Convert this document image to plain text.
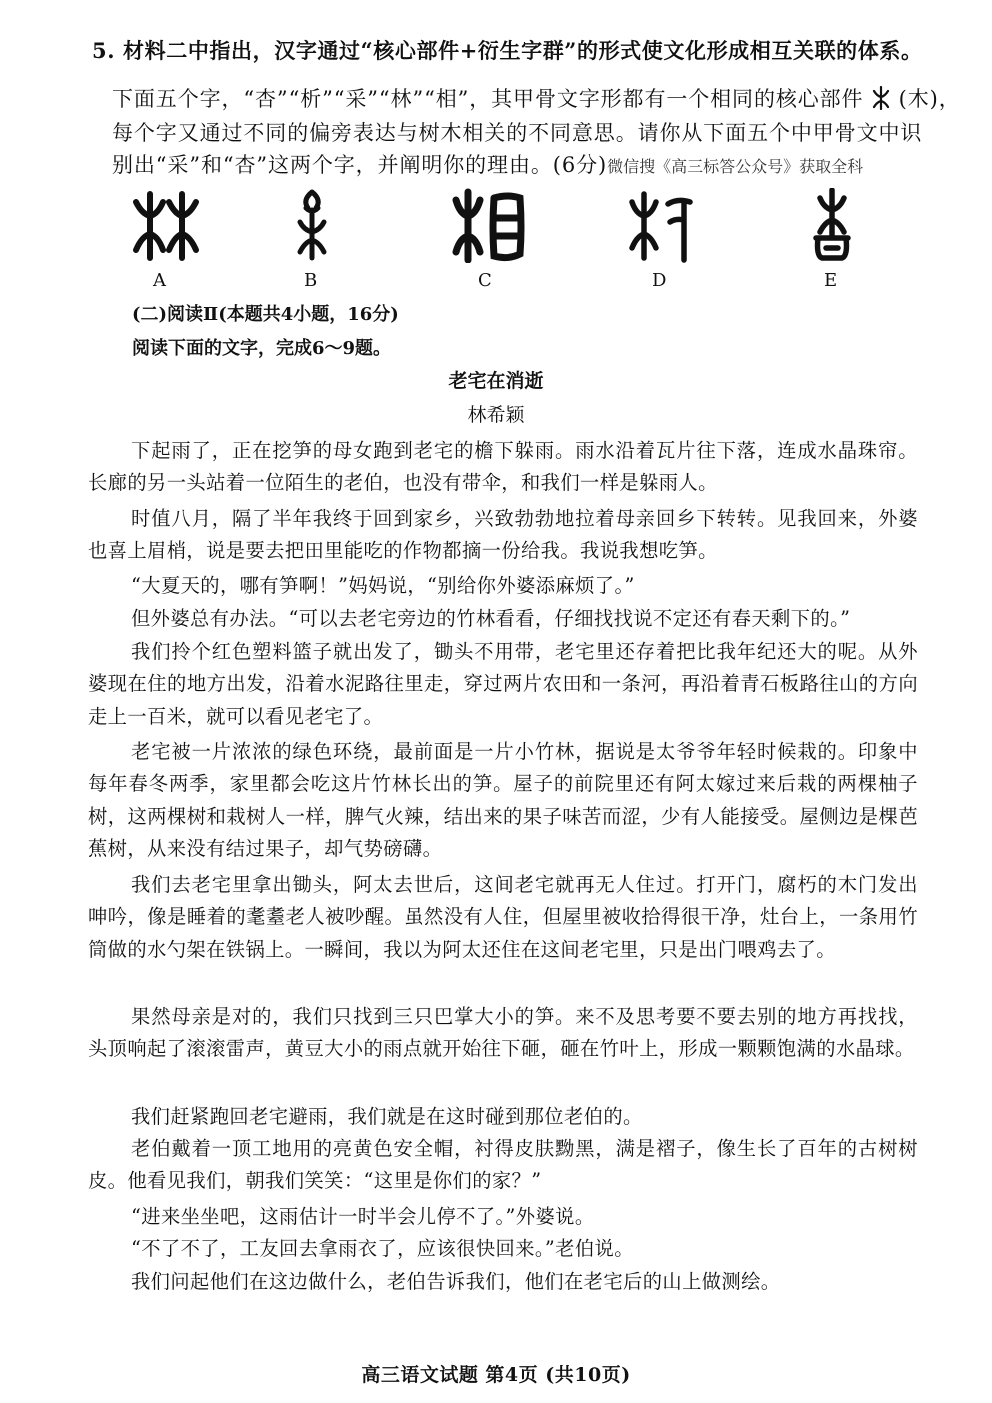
5. 材料二中指出，汉字通过“核心部件+衍生字群”的形式使文化形成相互关联的体系。
下面五个字，“杏”“析”“采”“林”“相”，其甲骨文字形都有一个相同的核心部件 (木)，
每个字又通过不同的偏旁表达与树木相关的不同意思。请你从下面五个中甲骨文中识
别出“采”和“杏”这两个字，并阐明你的理由。(6分)微信搜《高三标答公众号》获取全科
A	B	C	D	E
(二)阅读Ⅱ(本题共4小题，16分)
阅读下面的文字，完成6～9题。
老宅在消逝
林希颖
下起雨了，正在挖笋的母女跑到老宅的檐下躲雨。雨水沿着瓦片往下落，连成水晶珠帘。长廊的另一头站着一位陌生的老伯，也没有带伞，和我们一样是躲雨人。
时值八月，隔了半年我终于回到家乡，兴致勃勃地拉着母亲回乡下转转。见我回来，外婆也喜上眉梢，说是要去把田里能吃的作物都摘一份给我。我说我想吃笋。
“大夏天的，哪有笋啊！”妈妈说，“别给你外婆添麻烦了。”
但外婆总有办法。“可以去老宅旁边的竹林看看，仔细找找说不定还有春天剩下的。”
我们拎个红色塑料篮子就出发了，锄头不用带，老宅里还存着把比我年纪还大的呢。从外婆现在住的地方出发，沿着水泥路往里走，穿过两片农田和一条河，再沿着青石板路往山的方向走上一百米，就可以看见老宅了。
老宅被一片浓浓的绿色环绕，最前面是一片小竹林，据说是太爷爷年轻时候栽的。印象中每年春冬两季，家里都会吃这片竹林长出的笋。屋子的前院里还有阿太嫁过来后栽的两棵柚子树，这两棵树和栽树人一样，脾气火辣，结出来的果子味苦而涩，少有人能接受。屋侧边是棵芭蕉树，从来没有结过果子，却气势磅礴。
我们去老宅里拿出锄头，阿太去世后，这间老宅就再无人住过。打开门，腐朽的木门发出呻吟，像是睡着的耄耋老人被吵醒。虽然没有人住，但屋里被收拾得很干净，灶台上，一条用竹筒做的水勺架在铁锅上。一瞬间，我以为阿太还住在这间老宅里，只是出门喂鸡去了。
果然母亲是对的，我们只找到三只巴掌大小的笋。来不及思考要不要去别的地方再找找，头顶响起了滚滚雷声，黄豆大小的雨点就开始往下砸，砸在竹叶上，形成一颗颗饱满的水晶球。
我们赶紧跑回老宅避雨，我们就是在这时碰到那位老伯的。
老伯戴着一顶工地用的亮黄色安全帽，衬得皮肤黝黑，满是褶子，像生长了百年的古树树皮。他看见我们，朝我们笑笑：“这里是你们的家？”
“进来坐坐吧，这雨估计一时半会儿停不了。”外婆说。
“不了不了，工友回去拿雨衣了，应该很快回来。”老伯说。
我们问起他们在这边做什么，老伯告诉我们，他们在老宅后的山上做测绘。
高三语文试题 第4页 (共10页)
